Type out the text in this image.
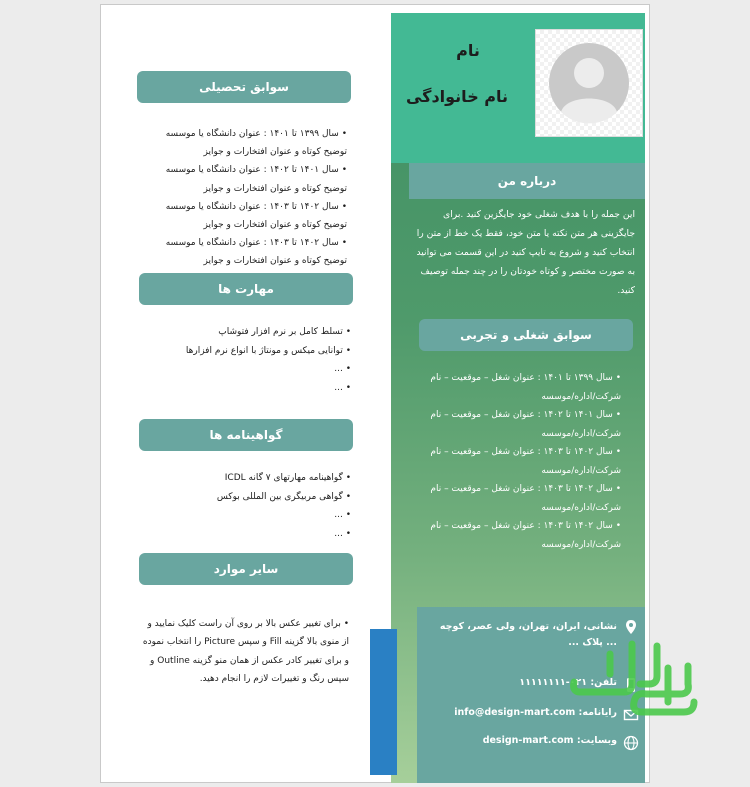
نام
نام خانوادگی
درباره من

این جمله را با هدف شغلی خود جایگزین کنید .برای جایگزینی هر متن نکته یا متن خود، فقط یک خط از متن را انتخاب کنید و شروع به تایپ کنید در این قسمت می توانید به صورت مختصر و کوتاه خودتان را در چند جمله توصیف کنید.

سوابق شغلی و تجربی
• سال ۱۳۹۹ تا ۱۴۰۱ : عنوان شغل – موقعیت – نام شرکت/اداره/موسسه
• سال ۱۴۰۱ تا ۱۴۰۲ : عنوان شغل – موقعیت – نام شرکت/اداره/موسسه
• سال ۱۴۰۲ تا ۱۴۰۳ : عنوان شغل – موقعیت – نام شرکت/اداره/موسسه
• سال ۱۴۰۲ تا ۱۴۰۳ : عنوان شغل – موقعیت – نام شرکت/اداره/موسسه
• سال ۱۴۰۲ تا ۱۴۰۳ : عنوان شغل – موقعیت – نام شرکت/اداره/موسسه
نشانی، ایران، تهران، ولی عصر، کوچه ... پلاک ...
تلفن: ۰۲۱-۱۱۱۱۱۱۱۱
رایانامه: info@design-mart.com
وبسایت: design-mart.com
سوابق تحصیلی
• سال ۱۳۹۹ تا ۱۴۰۱ : عنوان دانشگاه یا موسسه توضیح کوتاه و عنوان افتخارات و جوایز
• سال ۱۴۰۱ تا ۱۴۰۲ : عنوان دانشگاه یا موسسه توضیح کوتاه و عنوان افتخارات و جوایز
• سال ۱۴۰۲ تا ۱۴۰۳ : عنوان دانشگاه یا موسسه توضیح کوتاه و عنوان افتخارات و جوایز
• سال ۱۴۰۲ تا ۱۴۰۳ : عنوان دانشگاه یا موسسه توضیح کوتاه و عنوان افتخارات و جوایز
مهارت ها
• تسلط کامل بر نرم افزار فتوشاپ
• توانایی میکس و مونتاژ با انواع نرم افزارها
• ...
• ...
گواهینامه ها
• گواهینامه مهارتهای ۷ گانه ICDL
• گواهی مربیگری بین المللی بوکس
• ...
• ...
سایر موارد
• برای تغییر عکس بالا بر روی آن راست کلیک نمایید و از منوی بالا گزینه Fill و سپس Picture را انتخاب نموده و برای تغییر کادر عکس از همان منو گزینه Outline و سپس رنگ و تغییرات لازم را انجام دهید.
